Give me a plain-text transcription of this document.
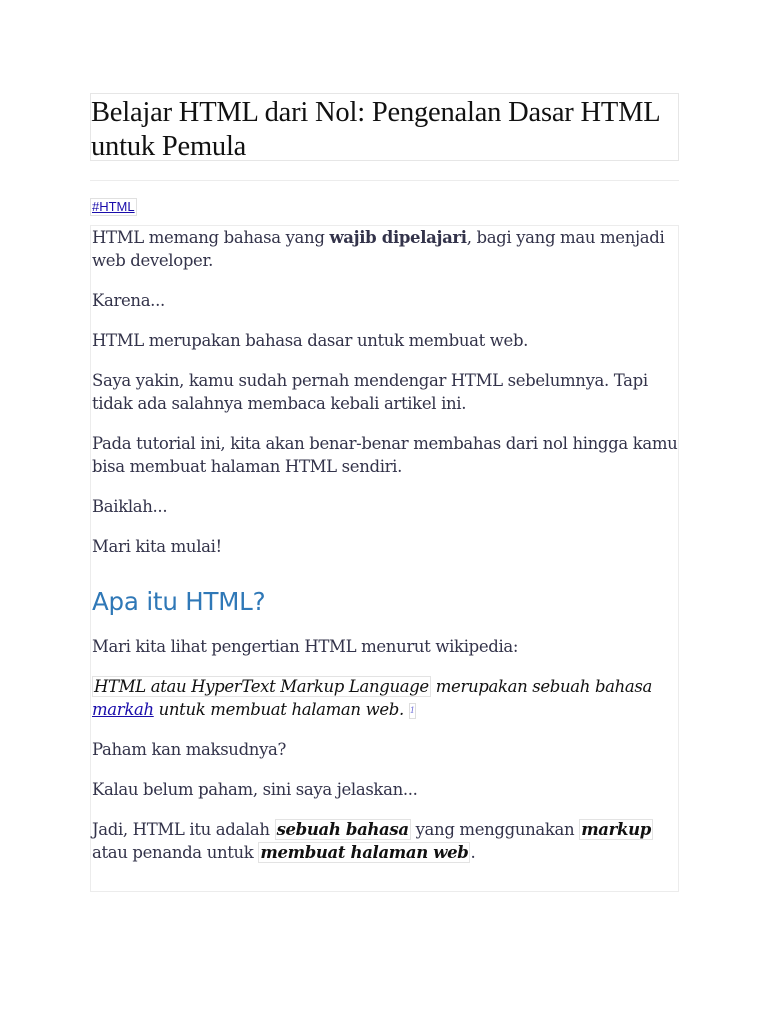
Belajar HTML dari Nol: Pengenalan Dasar HTML untuk Pemula
#HTML

HTML memang bahasa yang wajib dipelajari, bagi yang mau menjadi web developer.

Karena...

HTML merupakan bahasa dasar untuk membuat web.

Saya yakin, kamu sudah pernah mendengar HTML sebelumnya. Tapi tidak ada salahnya membaca kebali artikel ini.

Pada tutorial ini, kita akan benar-benar membahas dari nol hingga kamu bisa membuat halaman HTML sendiri.

Baiklah...

Mari kita mulai!

Apa itu HTML?

Mari kita lihat pengertian HTML menurut wikipedia:

HTML atau HyperText Markup Language merupakan sebuah bahasa markah untuk membuat halaman web. 1

Paham kan maksudnya?

Kalau belum paham, sini saya jelaskan...

Jadi, HTML itu adalah sebuah bahasa yang menggunakan markup atau penanda untuk membuat halaman web .
